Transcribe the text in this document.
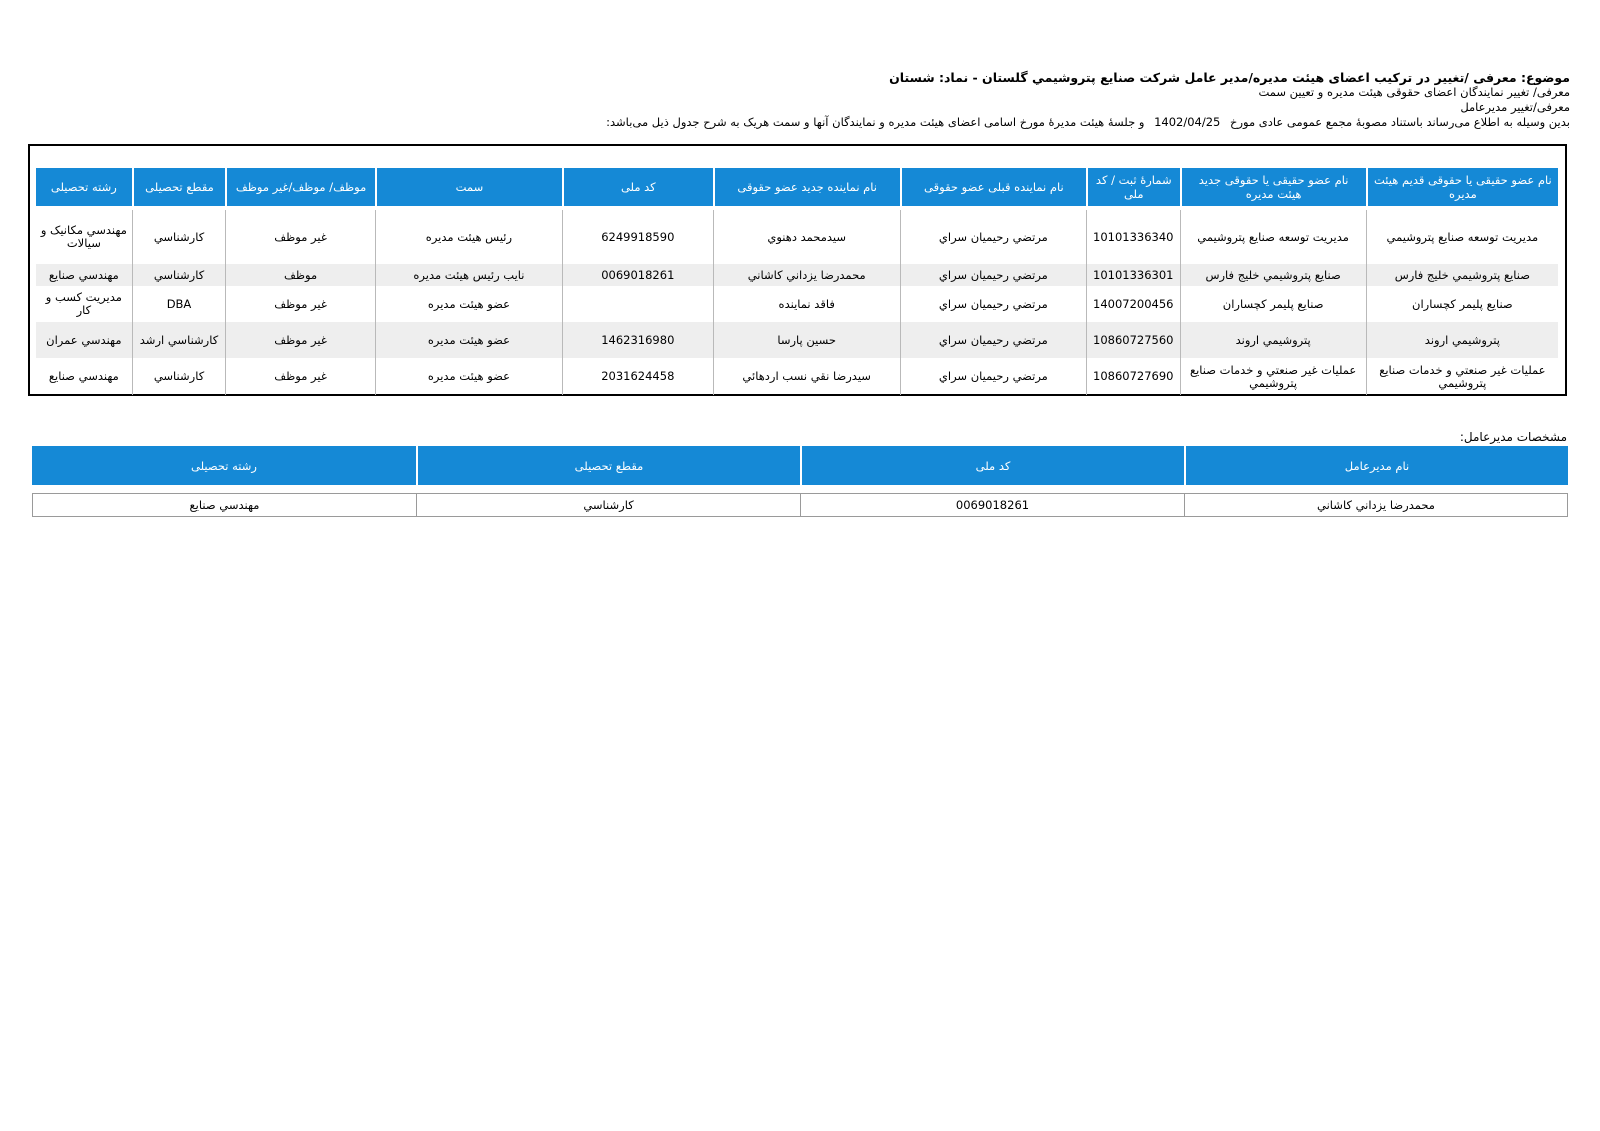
موضوع: معرفی /تغییر در ترکیب اعضای هیئت مدیره/مدیر عامل شرکت صنايع پتروشيمي گلستان - نماد: شستان
معرفی/ تغییر نمایندگان اعضای حقوقی هیئت مدیره و تعیین سمت
معرفی/تغییر مدیرعامل
بدین وسیله به اطلاع می‌رساند باستناد مصوبهٔ مجمع عمومی عادی مورخ 1402/04/25 و جلسهٔ هیئت مدیرهٔ مورخ اسامی اعضای هیئت مدیره و نمایندگان آنها و سمت هریک به شرح جدول ذیل می‌باشد:
نام عضو حقیقی یا حقوقی قدیم هیئت مدیره	نام عضو حقیقی یا حقوقی جدید هیئت مدیره	شمارهٔ ثبت / کد ملی	نام نماینده قبلی عضو حقوقی	نام نماینده جدید عضو حقوقی	کد ملی	سمت	موظف/ موظف/غیر موظف	مقطع تحصیلی	رشته تحصیلی

مديريت توسعه صنايع پتروشيمي	مديريت توسعه صنايع پتروشيمي	10101336340	مرتضي رحيميان سراي	سيدمحمد دهنوي	6249918590	رئيس هيئت مديره	غير موظف	کارشناسي	مهندسي مکانيک و سيالات
صنايع پتروشيمي خليج فارس	صنايع پتروشيمي خليج فارس	10101336301	مرتضي رحيميان سراي	محمدرضا يزداني کاشاني	0069018261	نايب رئيس هيئت مديره	موظف	کارشناسي	مهندسي صنايع
صنايع پليمر کچساران	صنايع پليمر کچساران	14007200456	مرتضي رحيميان سراي	فاقد نماينده		عضو هيئت مديره	غير موظف	DBA	مديريت کسب و کار
پتروشيمي اروند	پتروشيمي اروند	10860727560	مرتضي رحيميان سراي	حسين پارسا	1462316980	عضو هيئت مديره	غير موظف	کارشناسي ارشد	مهندسي عمران
عمليات غير صنعتي و خدمات صنايع پتروشيمي	عمليات غير صنعتي و خدمات صنايع پتروشيمي	10860727690	مرتضي رحيميان سراي	سيدرضا نقي نسب اردهائي	2031624458	عضو هيئت مديره	غير موظف	کارشناسي	مهندسي صنايع
مشخصات مدیرعامل:
نام مدیرعامل	کد ملی	مقطع تحصیلی	رشته تحصیلی

محمدرضا يزداني کاشاني	0069018261	کارشناسي	مهندسي صنايع
